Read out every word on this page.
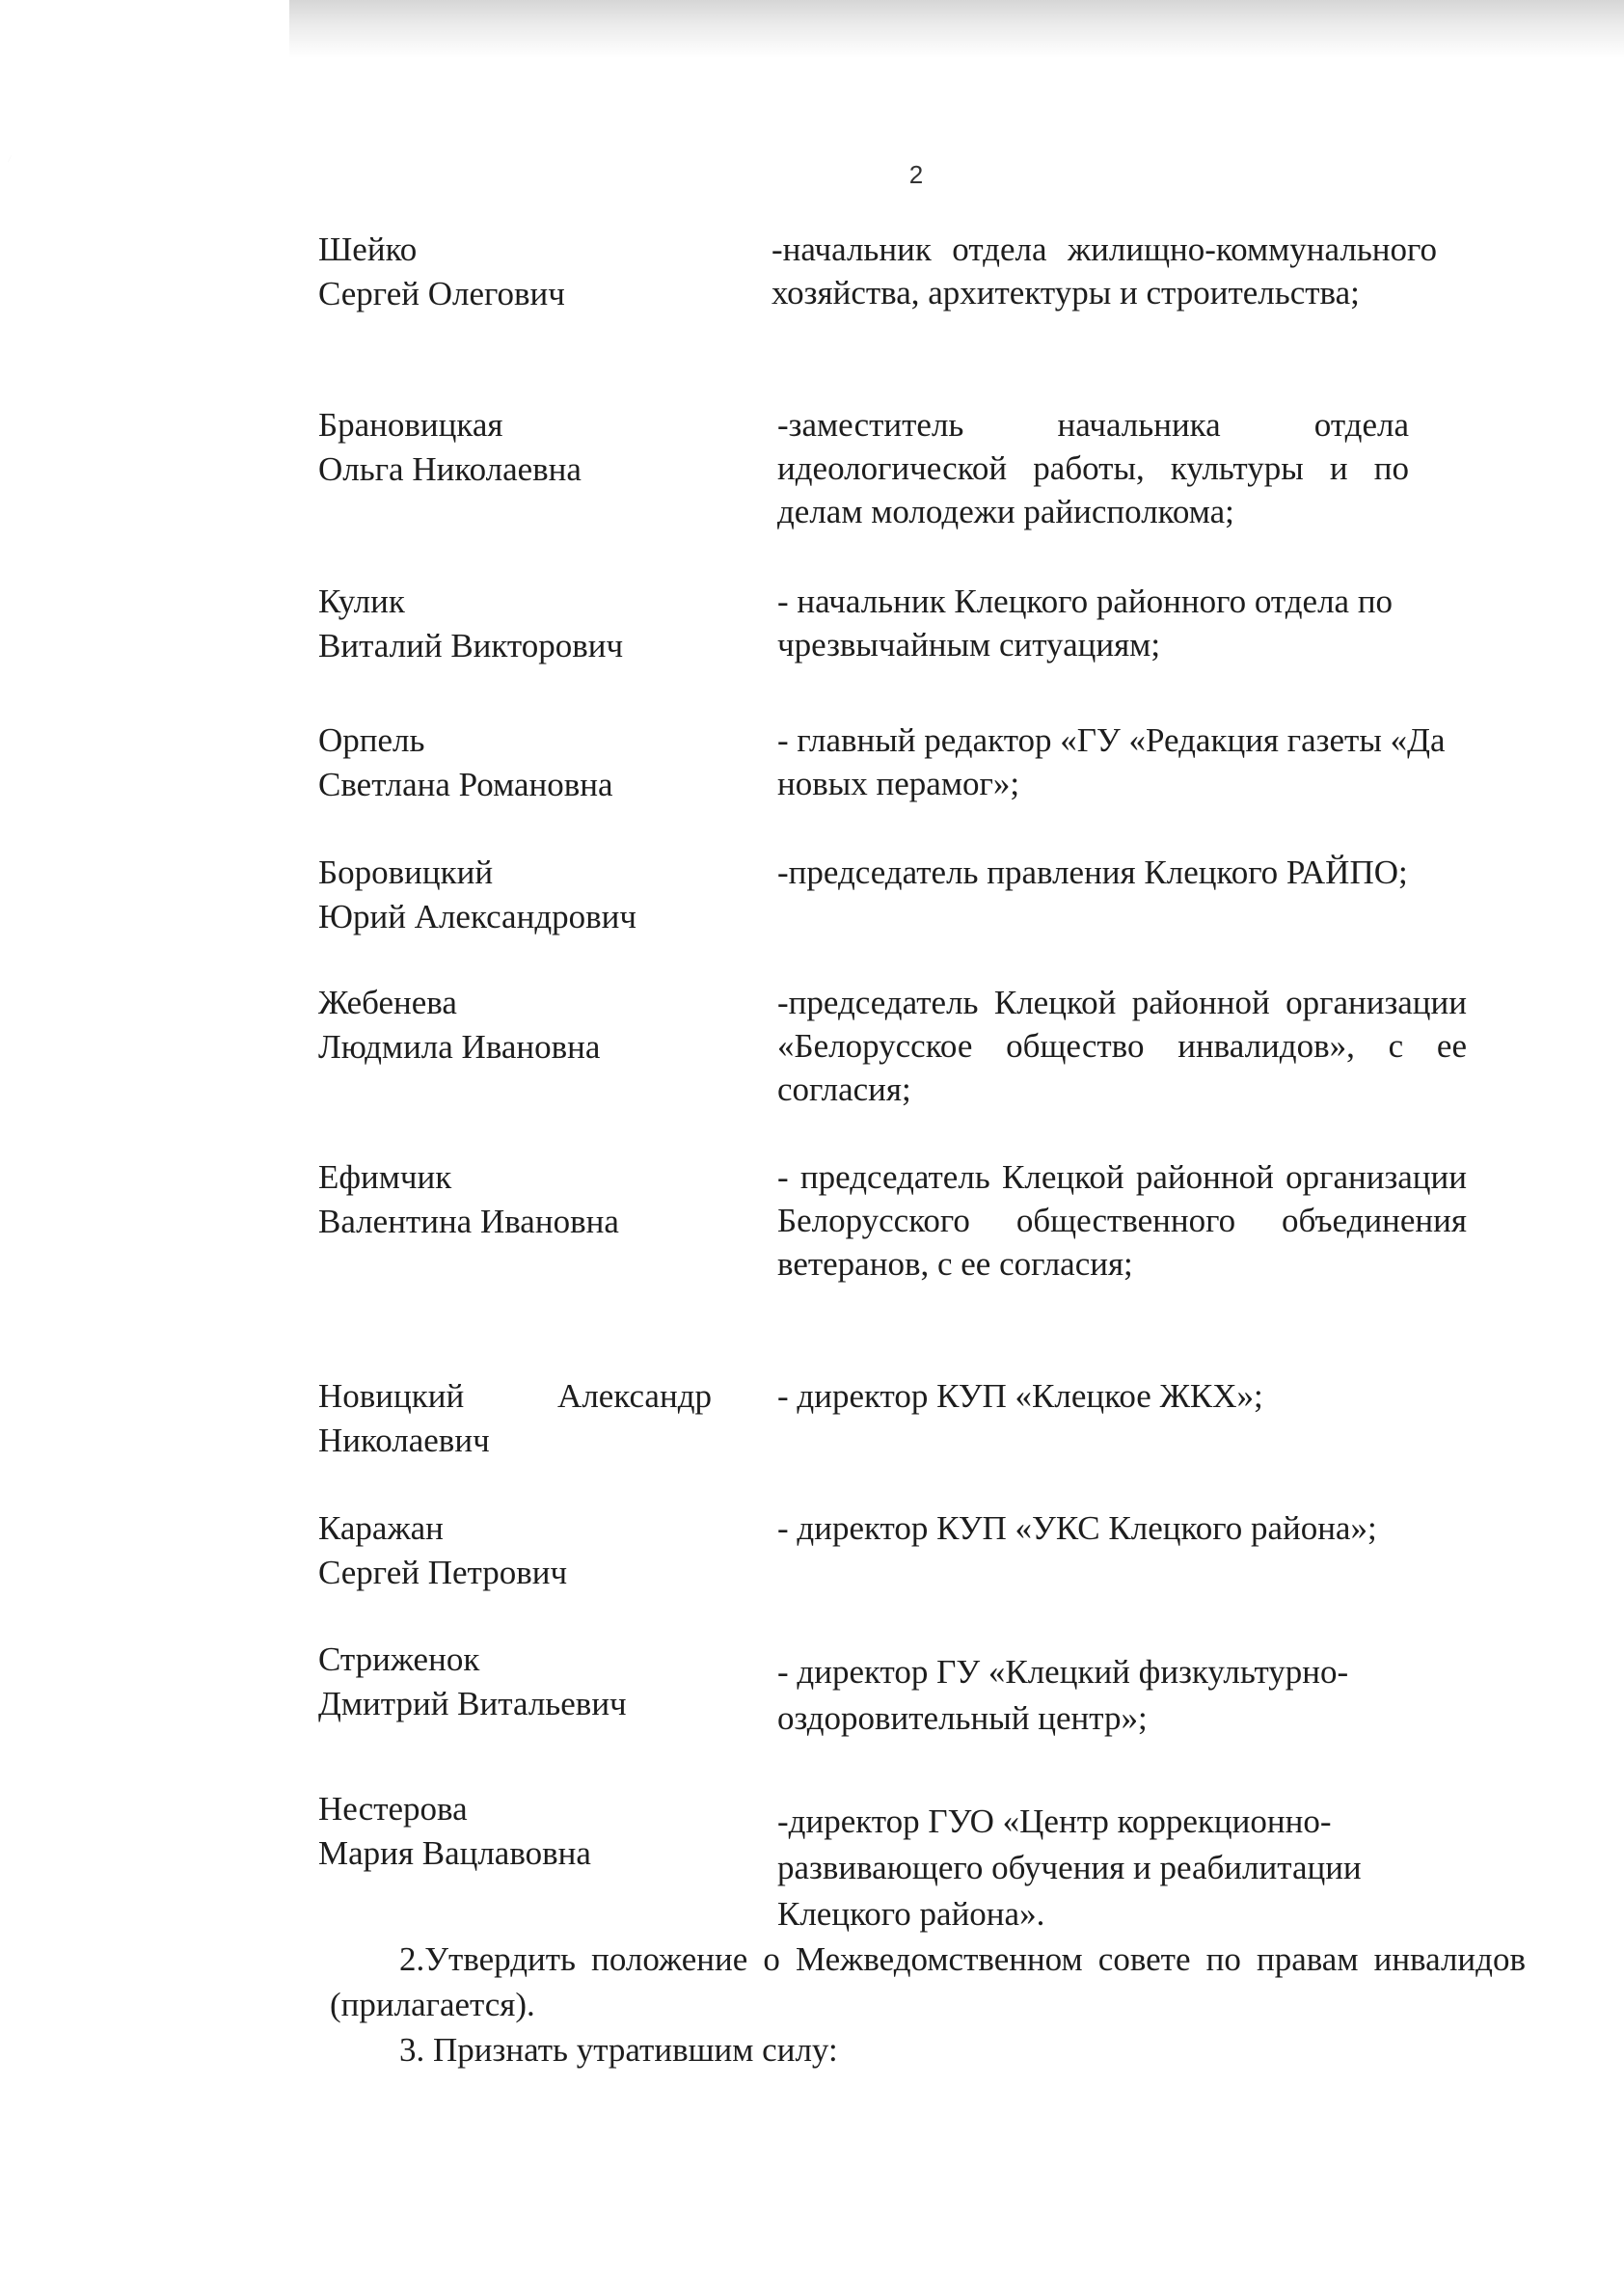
2
Шейко
Сергей Олегович
-начальник отдела жилищно-коммунального хозяйства, архитектуры и строительства;
Брановицкая
Ольга Николаевна
-заместитель начальника отдела идеологической работы, культуры и по делам молодежи райисполкома;
Кулик
Виталий Викторович
- начальник Клецкого районного отдела по чрезвычайным ситуациям;
Орпель
Светлана Романовна
- главный редактор «ГУ «Редакция газеты «Да новых перамог»;
Боровицкий
Юрий Александрович
-председатель правления Клецкого РАЙПО;
Жебенева
Людмила Ивановна
-председатель Клецкой районной организации «Белорусское общество инвалидов», с ее согласия;
Ефимчик
Валентина Ивановна
- председатель Клецкой районной организации Белорусского общественного объединения ветеранов, с ее согласия;
Новицкий Александр
Николаевич
- директор КУП «Клецкое ЖКХ»;
Каражан
Сергей Петрович
- директор КУП «УКС Клецкого района»;
Стриженок
Дмитрий Витальевич
- директор ГУ «Клецкий физкультурно-оздоровительный центр»;
Нестерова
Мария Вацлавовна
-директор ГУО «Центр коррекционно-развивающего обучения и реабилитации Клецкого района».
2.Утвердить положение о Межведомственном совете по правам инвалидов (прилагается).
3. Признать утратившим силу:
